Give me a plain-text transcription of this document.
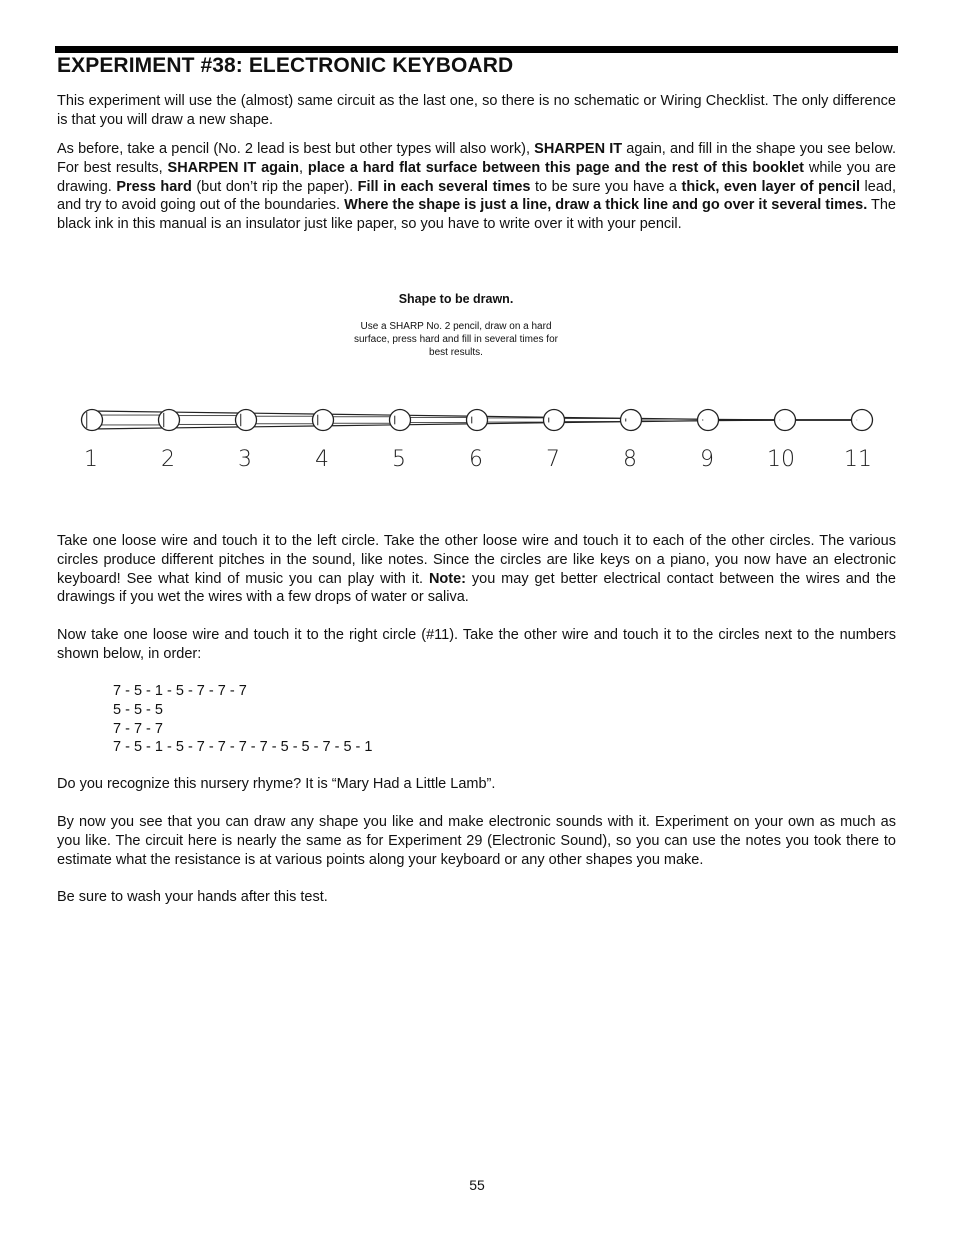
EXPERIMENT #38: ELECTRONIC KEYBOARD

This experiment will use the (almost) same circuit as the last one, so there is no schematic or Wiring Checklist. The only difference is that you will draw a new shape.

As before, take a pencil (No. 2 lead is best but other types will also work), SHARPEN IT again, and fill in the shape you see below. For best results, SHARPEN IT again, place a hard flat surface between this page and the rest of this booklet while you are drawing. Press hard (but don’t rip the paper). Fill in each several times to be sure you have a thick, even layer of pencil lead, and try to avoid going out of the boundaries. Where the shape is just a line, draw a thick line and go over it several times. The black ink in this manual is an insulator just like paper, so you have to write over it with your pencil.

Shape to be drawn.

Use a SHARP No. 2 pencil, draw on a hard surface, press hard and fill in several times for best results.

1	2	3	4	5	6	7	8	9 10 11

Take one loose wire and touch it to the left circle. Take the other loose wire and touch it to each of the other circles. The various circles produce different pitches in the sound, like notes. Since the circles are like keys on a piano, you now have an electronic keyboard! See what kind of music you can play with it. Note: you may get better electrical contact between the wires and the drawings if you wet the wires with a few drops of water or saliva.

Now take one loose wire and touch it to the right circle (#11). Take the other wire and touch it to the circles next to the numbers shown below, in order:

7 - 5 - 1 - 5 - 7 - 7 - 7
5 - 5 - 5
7 - 7 - 7
7 - 5 - 1 - 5 - 7 - 7 - 7 - 7 - 5 - 5 - 7 - 5 - 1

Do you recognize this nursery rhyme? It is “Mary Had a Little Lamb”.

By now you see that you can draw any shape you like and make electronic sounds with it. Experiment on your own as much as you like. The circuit here is nearly the same as for Experiment 29 (Electronic Sound), so you can use the notes you took there to estimate what the resistance is at various points along your keyboard or any other shapes you make.

Be sure to wash your hands after this test.

55
